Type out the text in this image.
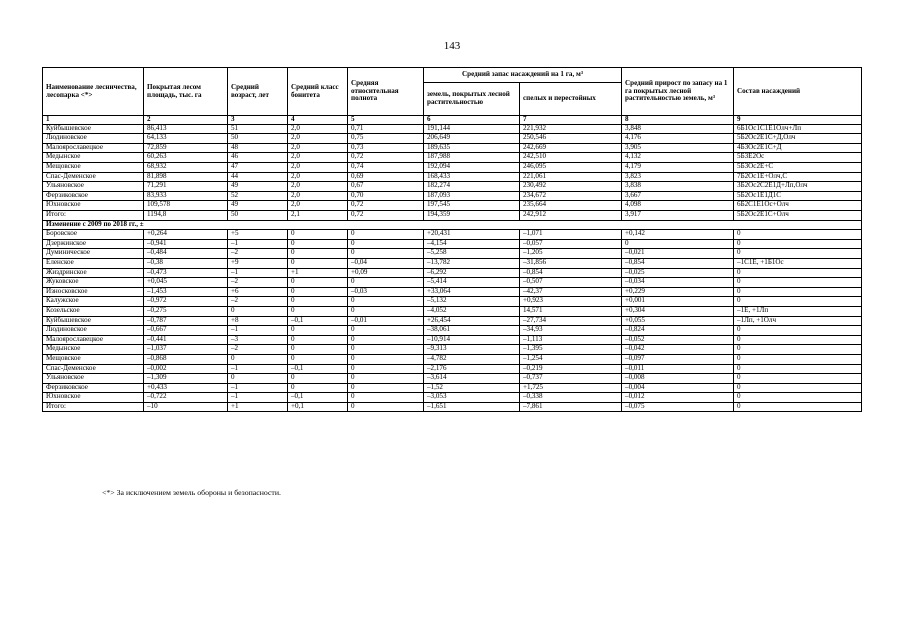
143
Наименование лесничества, лесопарка <*>	Покрытая лесом площадь, тыс. га	Средний возраст, лет	Средний класс бонитета	Средняя относительная полнота	Средний запас насаждений на 1 га, м³		Средний прирост по запасу на 1 га покрытых лесной растительностью земель, м³	Состав насаждений
					земель, покрытых лесной растительностью	спелых и перестойных		
1	2	3	4	5	6	7	8	9
Куйбышевское	86,413	51	2,0	0,71	191,144	221,932	3,848	6Б1Ос1С1Е1Олч+Лп
Людиновское	64,133	50	2,0	0,75	206,649	250,546	4,176	5Б2Ос2Е1С+Д,Олч
Малоярославецкое	72,859	48	2,0	0,73	189,635	242,669	3,905	4Б3Ос2Е1С+Д
Медынское	60,263	46	2,0	0,72	187,988	242,510	4,132	5Б3Е2Ос
Мещовское	68,932	47	2,0	0,74	192,094	246,095	4,179	5Б3Ос2Е+С
Спас-Деменское	81,898	44	2,0	0,69	168,433	221,061	3,823	7Б2Ос1Е+Олч,С
Ульяновское	71,291	49	2,0	0,67	182,274	230,492	3,838	3Б2Ос2С2Е1Д+Лп,Олч
Ферзиковское	83,933	52	2,0	0,70	187,093	234,672	3,667	5Б2Ос1Е1Д1С
Юхновское	109,578	49	2,0	0,72	197,545	235,664	4,098	6Б2С1Е1Ос+Олч
Итого:	1194,8	50	2,1	0,72	194,359	242,912	3,917	5Б2Ос2Е1С+Олч
Изменение с 2009 по 2018 гг., ±								
Боровское	+0,264	+5	0	0	+20,431	–1,071	+0,142	0
Дзержинское	–0,941	–1	0	0	–4,154	–0,057	0	0
Думиническое	–0,484	–2	0	0	–5,258	–1,205	–0,021	0
Еленское	–0,38	+9	0	–0,04	–13,782	–31,856	–0,854	–1С1Е, +1Б1Ос
Жиздринское	–0,473	–1	+1	+0,09	–6,292	–0,854	–0,025	0
Жуковское	+0,045	–2	0	0	–5,414	–0,507	–0,034	0
Износковское	–1,453	+6	0	–0,03	+33,064	–42,37	+0,229	0
Калужское	–0,972	–2	0	0	–5,132	+0,923	+0,001	0
Козельское	–0,275	0	0	0	–4,052	14,571	+0,304	–1Е, +1Лп
Куйбышевское	–0,787	+8	–0,1	–0,01	+26,454	–27,734	+0,055	–1Лп, +1Олч
Людиновское	–0,667	–1	0	0	–38,061	–34,93	–0,824	0
Малоярославецкое	–0,441	–3	0	0	–10,914	–1,113	–0,052	0
Медынское	–1,037	–2	0	0	–9,313	–1,395	–0,042	0
Мещовское	–0,868	0	0	0	–4,782	–1,254	–0,097	0
Спас-Деменское	–0,002	–1	–0,1	0	–2,176	–0,219	–0,011	0
Ульяновское	–1,309	0	0	0	–3,614	–0,737	–0,008	0
Ферзиковское	+0,433	–1	0	0	–1,52	+1,725	–0,004	0
Юхновское	–0,722	–1	–0,1	0	–3,053	–0,338	–0,012	0
Итого:	–10	+1	+0,1	0	–1,651	–7,861	–0,075	0
<*> За исключением земель обороны и безопасности.
